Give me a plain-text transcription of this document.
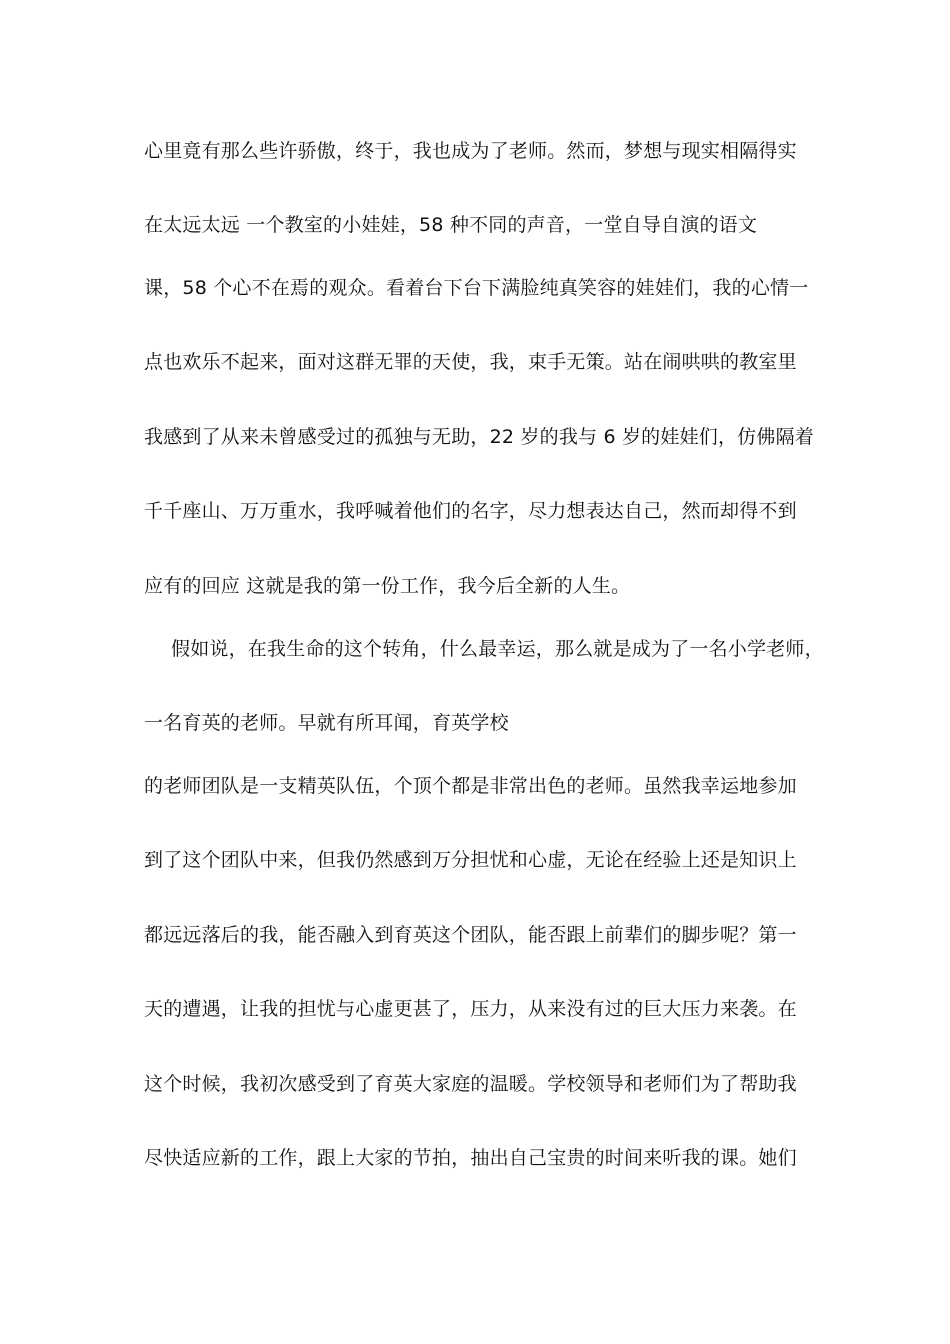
心里竟有那么些许骄傲，终于，我也成为了老师。然而，梦想与现实相隔得实
在太远太远 一个教室的小娃娃，58 种不同的声音，一堂自导自演的语文
课，58 个心不在焉的观众。看着台下台下满脸纯真笑容的娃娃们，我的心情一
点也欢乐不起来，面对这群无罪的天使，我，束手无策。站在闹哄哄的教室里
我感到了从来未曾感受过的孤独与无助，22 岁的我与 6 岁的娃娃们，仿佛隔着
千千座山、万万重水，我呼喊着他们的名字，尽力想表达自己，然而却得不到
应有的回应 这就是我的第一份工作，我今后全新的人生。
假如说，在我生命的这个转角，什么最幸运，那么就是成为了一名小学老师，
一名育英的老师。早就有所耳闻，育英学校
的老师团队是一支精英队伍，个顶个都是非常出色的老师。虽然我幸运地参加
到了这个团队中来，但我仍然感到万分担忧和心虚，无论在经验上还是知识上
都远远落后的我，能否融入到育英这个团队，能否跟上前辈们的脚步呢？第一
天的遭遇，让我的担忧与心虚更甚了，压力，从来没有过的巨大压力来袭。在
这个时候，我初次感受到了育英大家庭的温暖。学校领导和老师们为了帮助我
尽快适应新的工作，跟上大家的节拍，抽出自己宝贵的时间来听我的课。她们
